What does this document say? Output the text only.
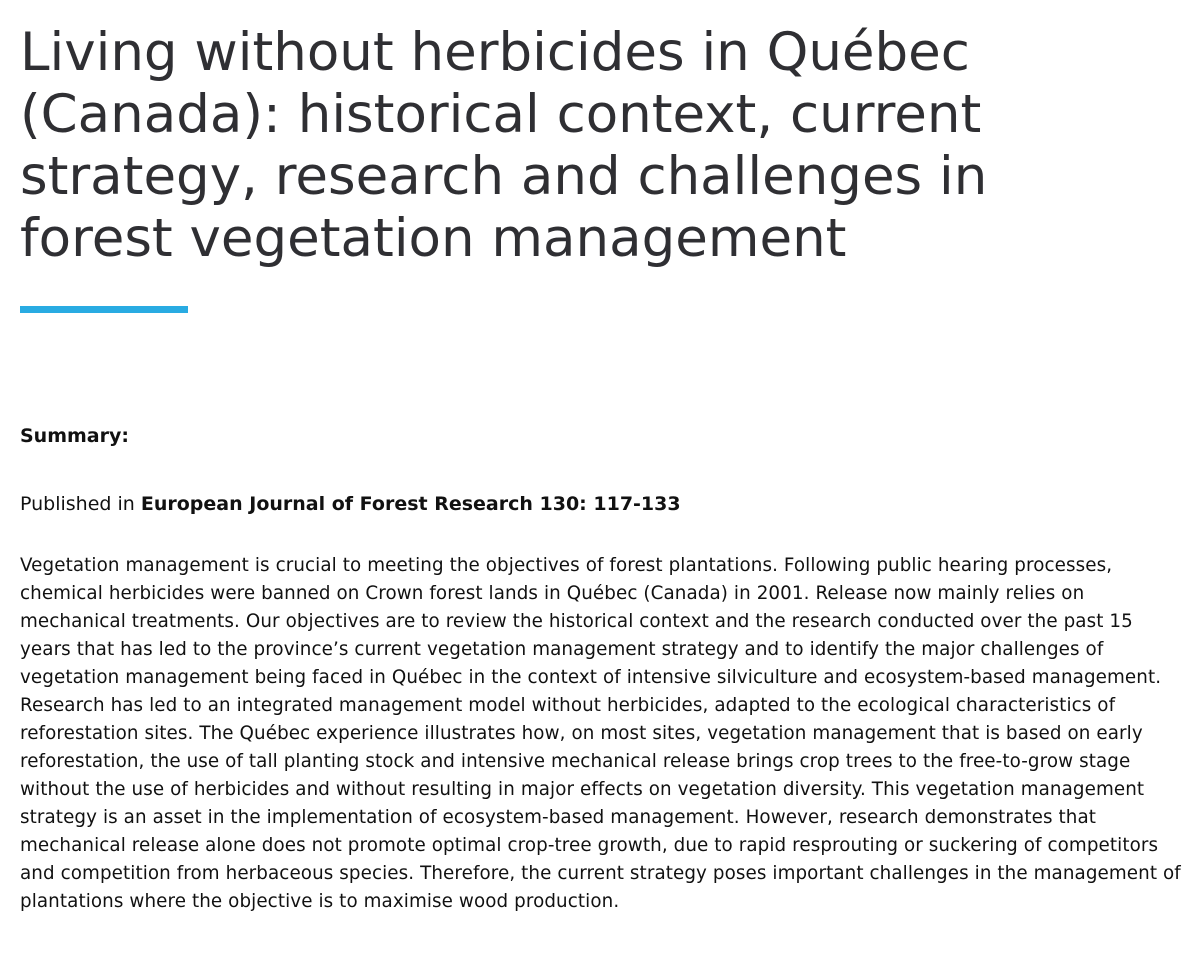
Living without herbicides in Québec (Canada): historical context, current strategy, research and challenges in forest vegetation management

Summary:

Published in European Journal of Forest Research 130: 117-133

Vegetation management is crucial to meeting the objectives of forest plantations. Following public hearing processes, chemical herbicides were banned on Crown forest lands in Québec (Canada) in 2001. Release now mainly relies on mechanical treatments. Our objectives are to review the historical context and the research conducted over the past 15 years that has led to the province’s current vegetation management strategy and to identify the major challenges of vegetation management being faced in Québec in the context of intensive silviculture and ecosystem-based management. Research has led to an integrated management model without herbicides, adapted to the ecological characteristics of reforestation sites. The Québec experience illustrates how, on most sites, vegetation management that is based on early reforestation, the use of tall planting stock and intensive mechanical release brings crop trees to the free-to-grow stage without the use of herbicides and without resulting in major effects on vegetation diversity. This vegetation management strategy is an asset in the implementation of ecosystem-based management. However, research demonstrates that mechanical release alone does not promote optimal crop-tree growth, due to rapid resprouting or suckering of competitors and competition from herbaceous species. Therefore, the current strategy poses important challenges in the management of plantations where the objective is to maximise wood production.
